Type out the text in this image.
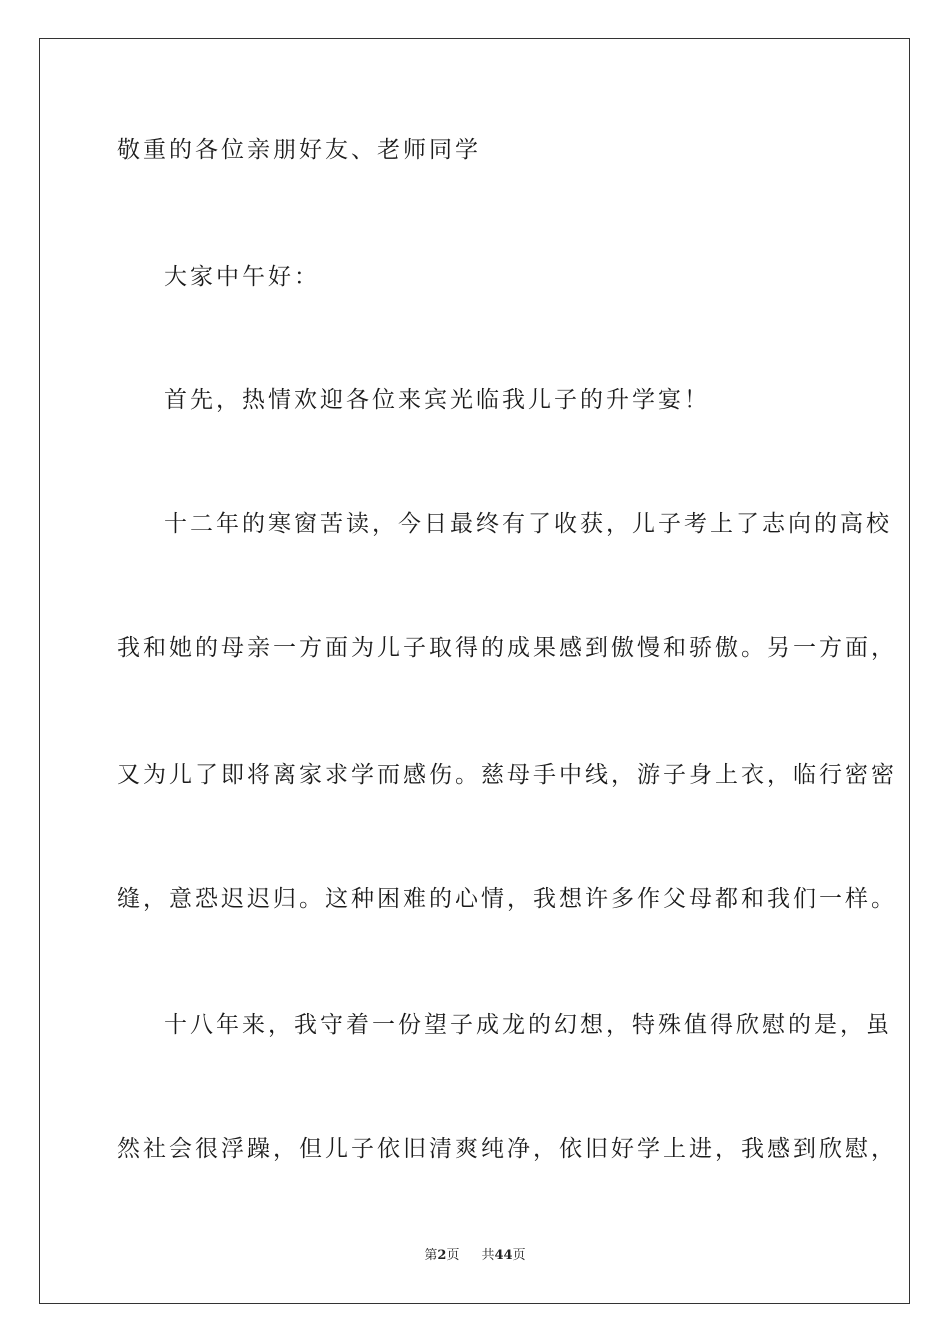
敬重的各位亲朋好友、老师同学
大家中午好：
首先，热情欢迎各位来宾光临我儿子的升学宴！
十二年的寒窗苦读，今日最终有了收获，儿子考上了志向的高校
我和她的母亲一方面为儿子取得的成果感到傲慢和骄傲。另一方面，
又为儿了即将离家求学而感伤。慈母手中线，游子身上衣，临行密密
缝，意恐迟迟归。这种困难的心情，我想许多作父母都和我们一样。
十八年来，我守着一份望子成龙的幻想，特殊值得欣慰的是，虽
然社会很浮躁，但儿子依旧清爽纯净，依旧好学上进，我感到欣慰，
第2页 共44页
